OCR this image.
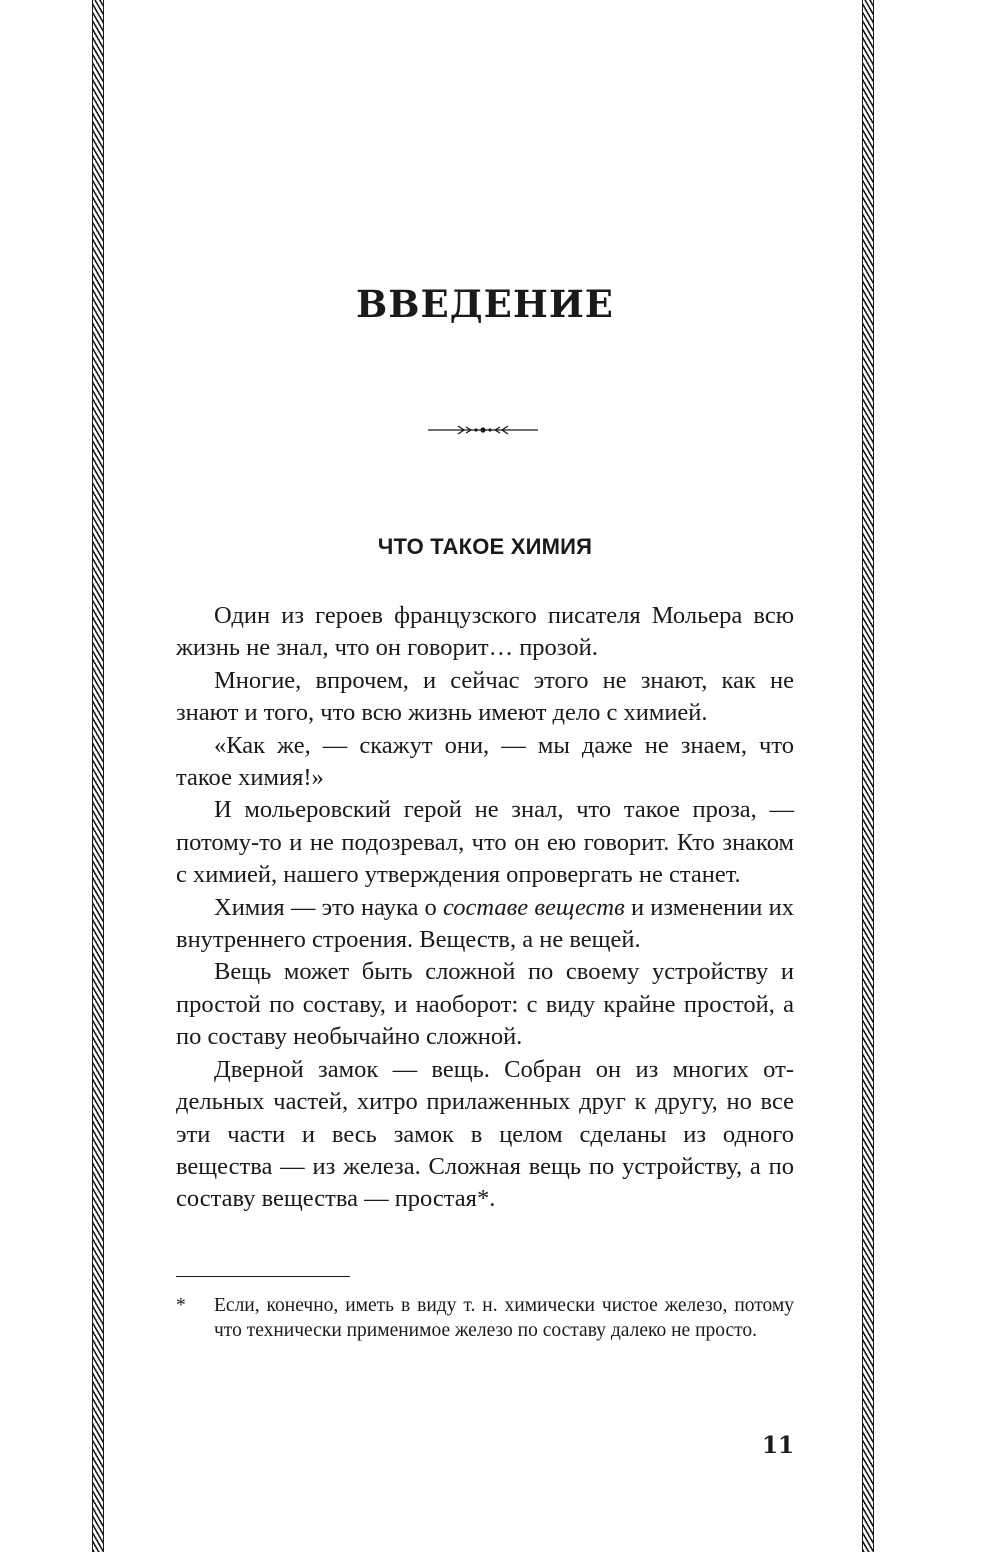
ВВЕДЕНИЕ
ЧТО ТАКОЕ ХИМИЯ

Один из героев французского писателя Мольера всю жизнь не знал, что он говорит… прозой.

Многие, впрочем, и сейчас этого не знают, как не знают и того, что всю жизнь имеют дело с химией.

«Как же, — скажут они, — мы даже не знаем, что такое химия!»

И мольеровский герой не знал, что такое проза, — потому-то и не подозревал, что он ею говорит. Кто знаком с химией, нашего утверждения опровергать не станет.

Химия — это наука о составе веществ и изменении их внутреннего строения. Веществ, а не вещей.

Вещь может быть сложной по своему устройству и простой по составу, и наоборот: с виду крайне простой, а по составу необычайно сложной.

Дверной замок — вещь. Собран он из многих отдельных частей, хитро прилаженных друг к другу, но все эти части и весь замок в целом сделаны из одного вещества — из железа. Сложная вещь по устройству, а по составу вещества — простая*.

* Если, конечно, иметь в виду т. н. химически чистое железо, потому что технически применимое железо по составу далеко не просто.
11
